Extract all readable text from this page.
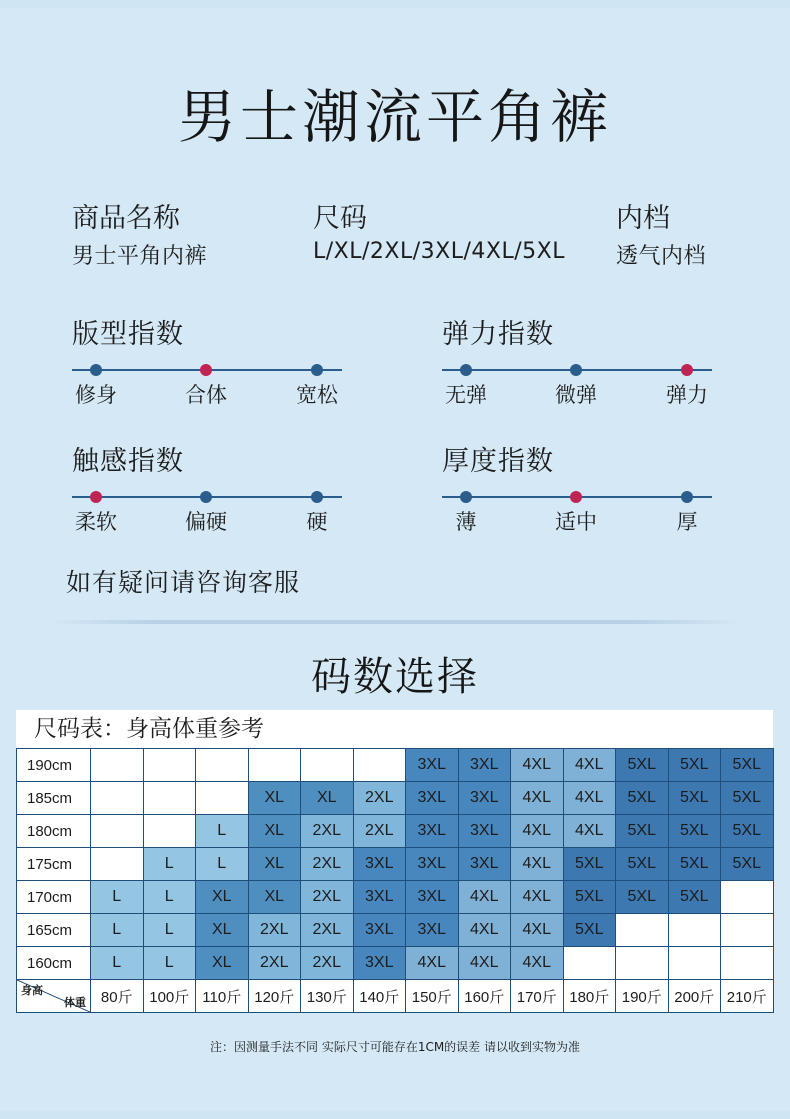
男士潮流平角裤
商品名称
男士平角内裤
尺码
L/XL/2XL/3XL/4XL/5XL
内档
透气内档
版型指数
修身	合体	宽松
弹力指数
无弹	微弹	弹力
触感指数
柔软	偏硬	硬
厚度指数
薄	适中	厚
如有疑问请咨询客服
码数选择
尺码表：身高体重参考
190cm							3XL	3XL	4XL	4XL	5XL	5XL	5XL
185cm				XL	XL	2XL	3XL	3XL	4XL	4XL	5XL	5XL	5XL
180cm			L	XL	2XL	2XL	3XL	3XL	4XL	4XL	5XL	5XL	5XL
175cm		L	L	XL	2XL	3XL	3XL	3XL	4XL	5XL	5XL	5XL	5XL
170cm	L	L	XL	XL	2XL	3XL	3XL	4XL	4XL	5XL	5XL	5XL	
165cm	L	L	XL	2XL	2XL	3XL	3XL	4XL	4XL	5XL			
160cm	L	L	XL	2XL	2XL	3XL	4XL	4XL	4XL				

身高
体重	80斤	100斤	110斤	120斤	130斤	140斤	150斤	160斤	170斤	180斤	190斤	200斤	210斤
注：因测量手法不同 实际尺寸可能存在1CM的误差 请以收到实物为准
